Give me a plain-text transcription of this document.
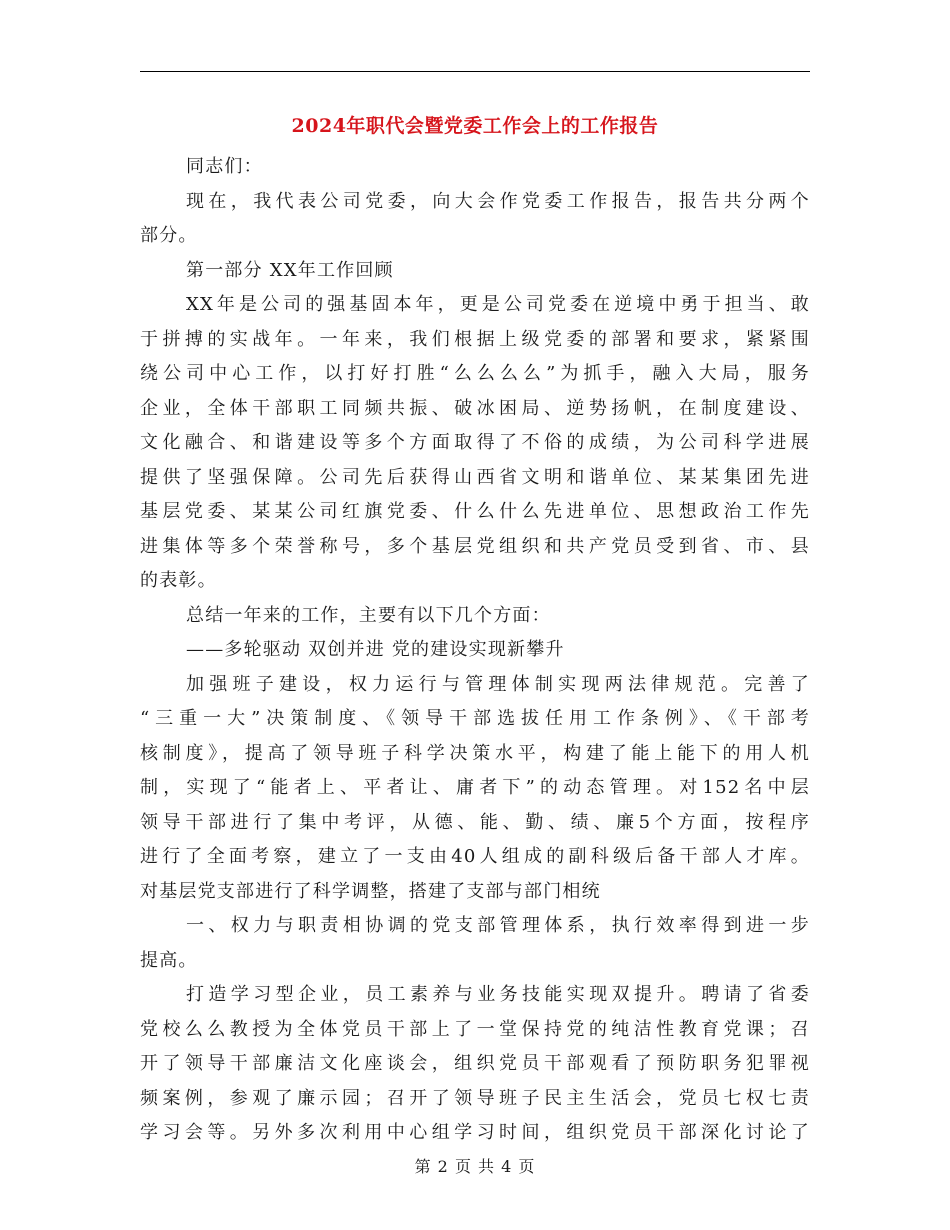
2024年职代会暨党委工作会上的工作报告
同志们：
现在，我代表公司党委，向大会作党委工作报告，报告共分两个
部分。
第一部分 XX年工作回顾
XX年是公司的强基固本年，更是公司党委在逆境中勇于担当、敢
于拼搏的实战年。一年来，我们根据上级党委的部署和要求，紧紧围
绕公司中心工作，以打好打胜“么么么么”为抓手，融入大局，服务
企业，全体干部职工同频共振、破冰困局、逆势扬帆，在制度建设、
文化融合、和谐建设等多个方面取得了不俗的成绩，为公司科学进展
提供了坚强保障。公司先后获得山西省文明和谐单位、某某集团先进
基层党委、某某公司红旗党委、什么什么先进单位、思想政治工作先
进集体等多个荣誉称号，多个基层党组织和共产党员受到省、市、县
的表彰。
总结一年来的工作，主要有以下几个方面：
——多轮驱动 双创并进 党的建设实现新攀升
加强班子建设，权力运行与管理体制实现两法律规范。完善了
“三重一大”决策制度、《领导干部选拔任用工作条例》、《干部考
核制度》，提高了领导班子科学决策水平，构建了能上能下的用人机
制，实现了“能者上、平者让、庸者下”的动态管理。对152名中层
领导干部进行了集中考评，从德、能、勤、绩、廉5个方面，按程序
进行了全面考察，建立了一支由40人组成的副科级后备干部人才库。
对基层党支部进行了科学调整，搭建了支部与部门相统
一、权力与职责相协调的党支部管理体系，执行效率得到进一步
提高。
打造学习型企业，员工素养与业务技能实现双提升。聘请了省委
党校么么教授为全体党员干部上了一堂保持党的纯洁性教育党课；召
开了领导干部廉洁文化座谈会，组织党员干部观看了预防职务犯罪视
频案例，参观了廉示园；召开了领导班子民主生活会，党员七权七责
学习会等。另外多次利用中心组学习时间，组织党员干部深化讨论了
第 2 页 共 4 页
